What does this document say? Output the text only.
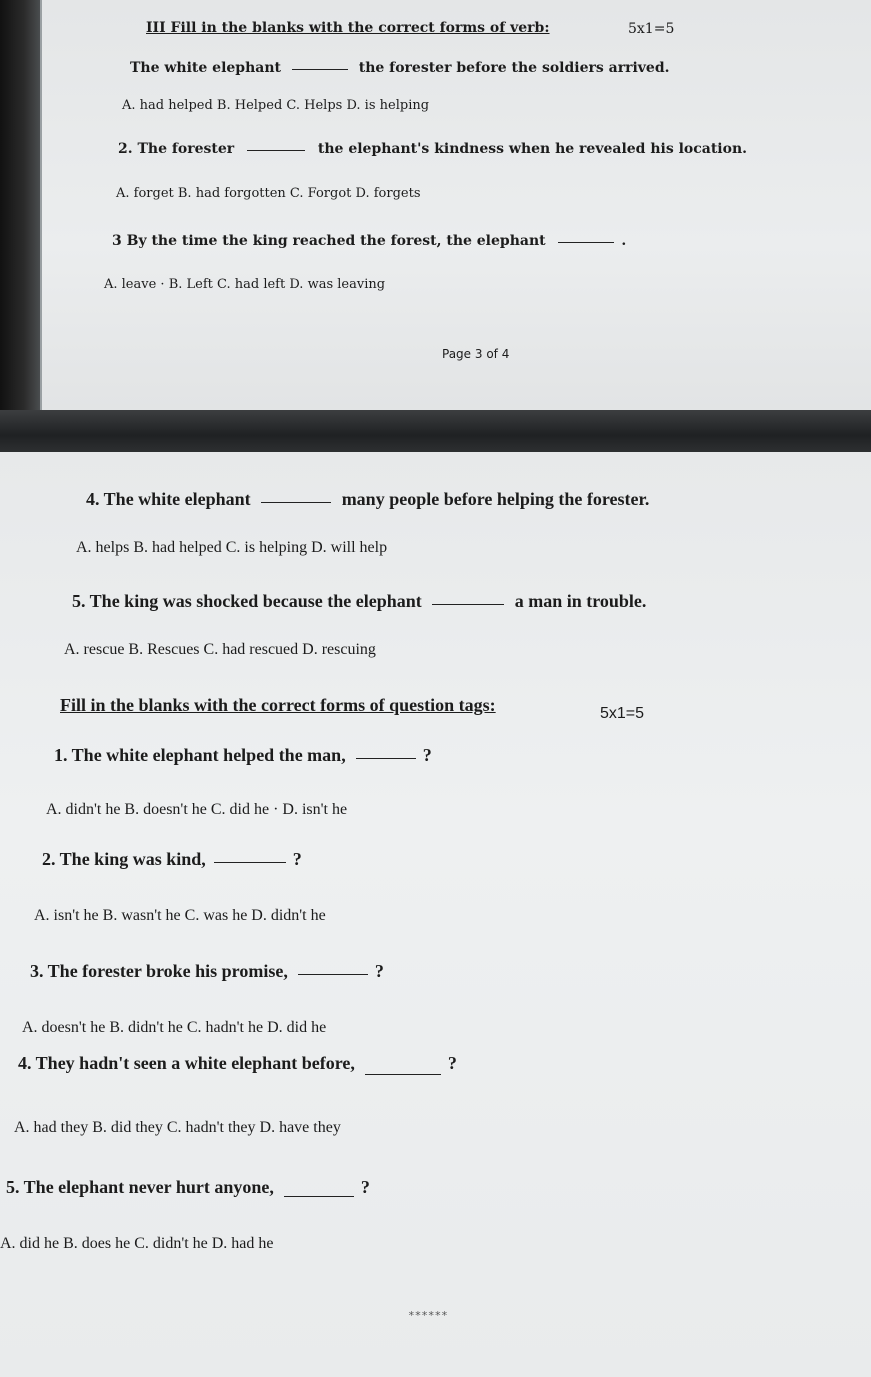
III Fill in the blanks with the correct forms of verb:	5x1=5
The white elephant	the forester before the soldiers arrived.
A. had helped B. Helped C. Helps D. is helping
2. The forester	the elephant's kindness when he revealed his location.
A. forget B. had forgotten C. Forgot D. forgets
3 By the time the king reached the forest, the elephant	.
A. leave · B. Left C. had left D. was leaving
Page 3 of 4
4. The white elephant	many people before helping the forester.
A. helps B. had helped C. is helping D. will help
5. The king was shocked because the elephant	a man in trouble.
A. rescue B. Rescues C. had rescued D. rescuing
Fill in the blanks with the correct forms of question tags:	5x1=5
1. The white elephant helped the man,	?
A. didn't he B. doesn't he C. did he · D. isn't he
2. The king was kind,	?
A. isn't he B. wasn't he C. was he D. didn't he
3. The forester broke his promise,	?
A. doesn't he B. didn't he C. hadn't he D. did he
4. They hadn't seen a white elephant before,	?
A. had they B. did they C. hadn't they D. have they
5. The elephant never hurt anyone,	?
A. did he B. does he C. didn't he D. had he
******
